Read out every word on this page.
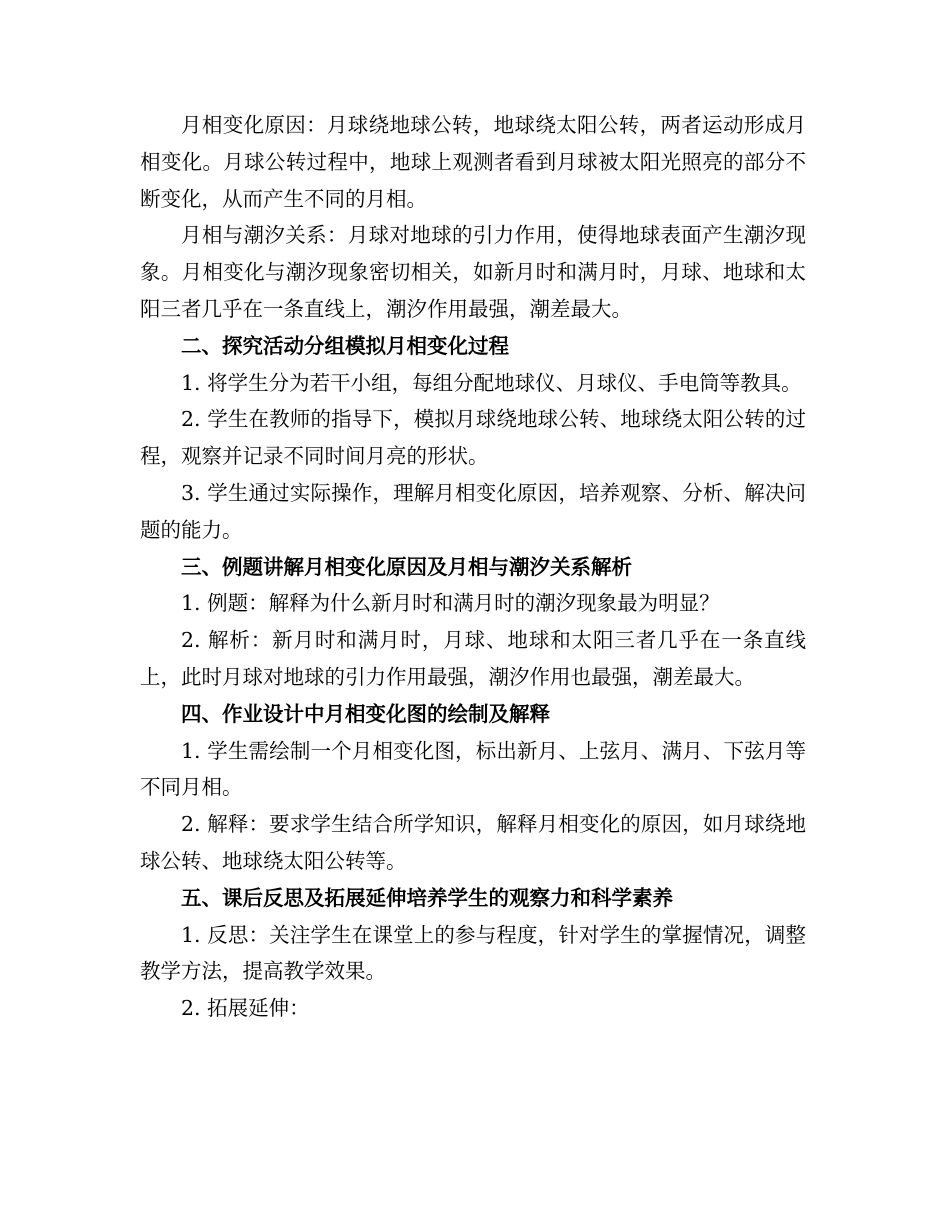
月相变化原因：月球绕地球公转，地球绕太阳公转，两者运动形成月相变化。月球公转过程中，地球上观测者看到月球被太阳光照亮的部分不断变化，从而产生不同的月相。

月相与潮汐关系：月球对地球的引力作用，使得地球表面产生潮汐现象。月相变化与潮汐现象密切相关，如新月时和满月时，月球、地球和太阳三者几乎在一条直线上，潮汐作用最强，潮差最大。

二、探究活动分组模拟月相变化过程

1. 将学生分为若干小组，每组分配地球仪、月球仪、手电筒等教具。

2. 学生在教师的指导下，模拟月球绕地球公转、地球绕太阳公转的过程，观察并记录不同时间月亮的形状。

3. 学生通过实际操作，理解月相变化原因，培养观察、分析、解决问题的能力。

三、例题讲解月相变化原因及月相与潮汐关系解析

1. 例题：解释为什么新月时和满月时的潮汐现象最为明显？

2. 解析：新月时和满月时，月球、地球和太阳三者几乎在一条直线上，此时月球对地球的引力作用最强，潮汐作用也最强，潮差最大。

四、作业设计中月相变化图的绘制及解释

1. 学生需绘制一个月相变化图，标出新月、上弦月、满月、下弦月等不同月相。

2. 解释：要求学生结合所学知识，解释月相变化的原因，如月球绕地球公转、地球绕太阳公转等。

五、课后反思及拓展延伸培养学生的观察力和科学素养

1. 反思：关注学生在课堂上的参与程度，针对学生的掌握情况，调整教学方法，提高教学效果。

2. 拓展延伸：
